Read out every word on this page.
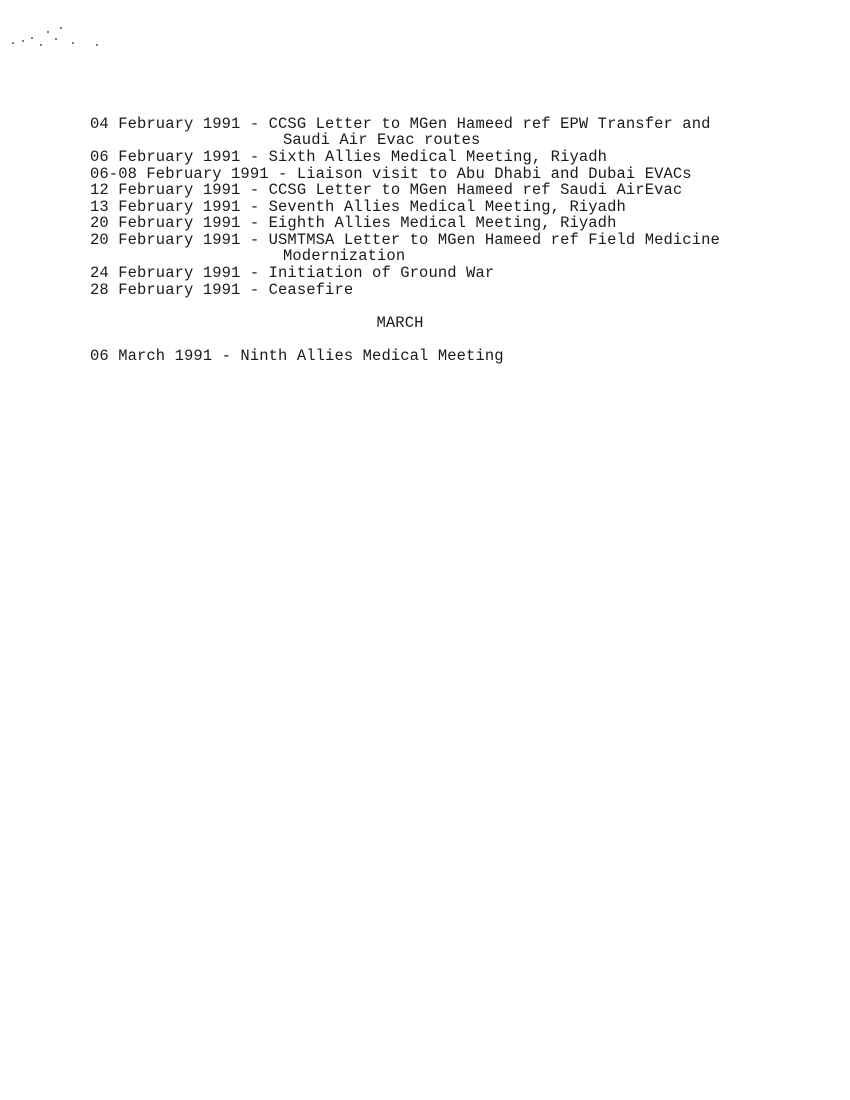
04 February 1991 - CCSG Letter to MGen Hameed ref EPW Transfer and
Saudi Air Evac routes
06 February 1991 - Sixth Allies Medical Meeting, Riyadh
06-08 February 1991 - Liaison visit to Abu Dhabi and Dubai EVACs
12 February 1991 - CCSG Letter to MGen Hameed ref Saudi AirEvac
13 February 1991 - Seventh Allies Medical Meeting, Riyadh
20 February 1991 - Eighth Allies Medical Meeting, Riyadh
20 February 1991 - USMTMSA Letter to MGen Hameed ref Field Medicine
Modernization
24 February 1991 - Initiation of Ground War
28 February 1991 - Ceasefire
MARCH
06 March 1991 - Ninth Allies Medical Meeting
